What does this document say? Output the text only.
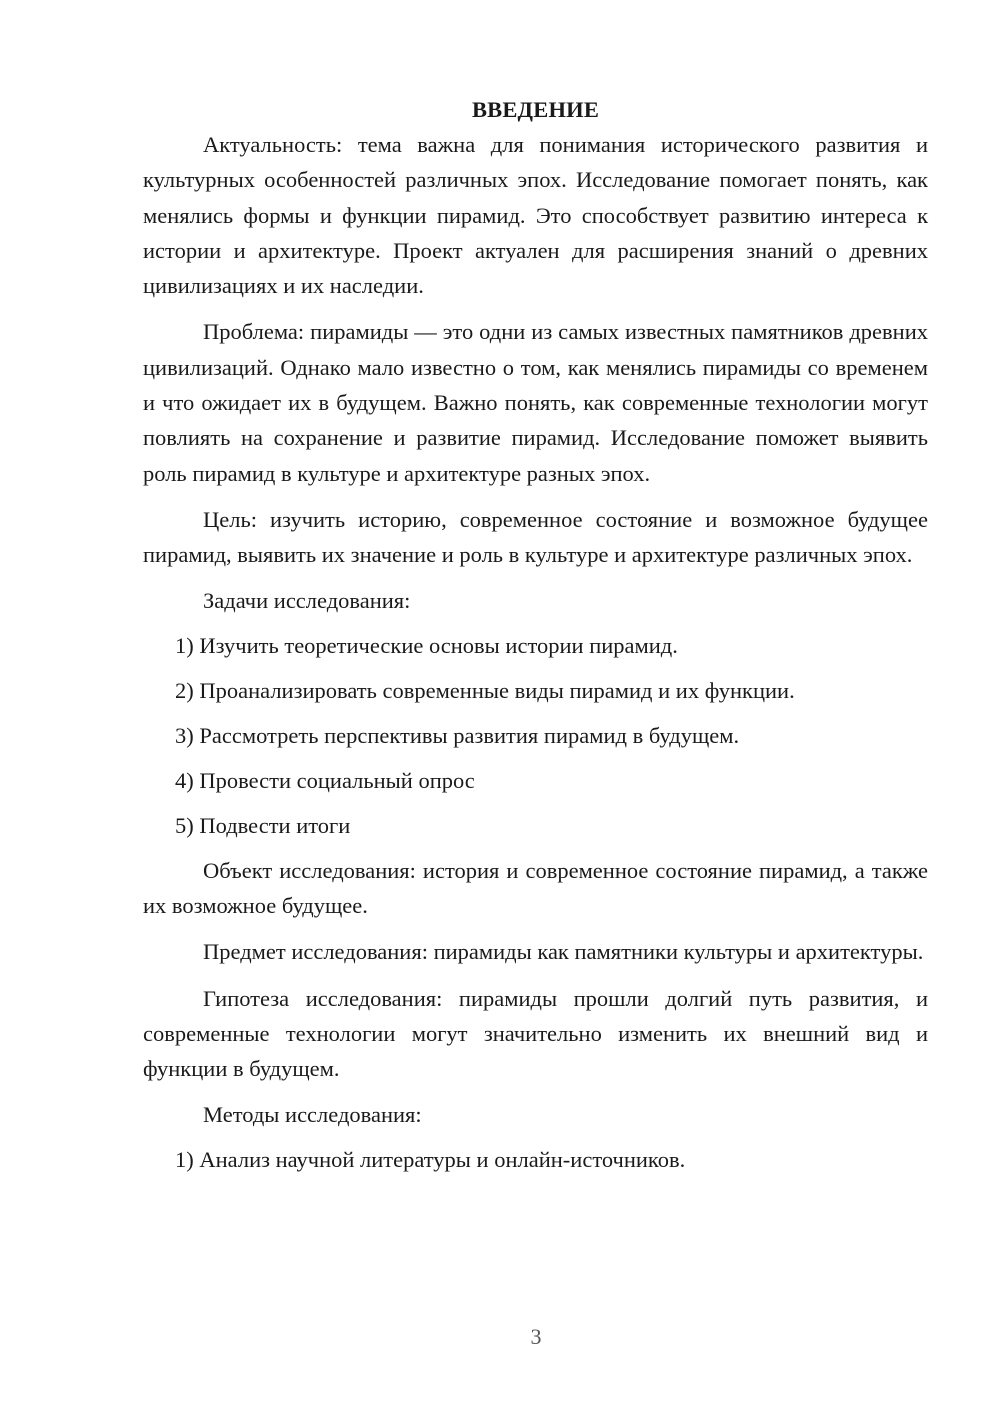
ВВЕДЕНИЕ

Актуальность: тема важна для понимания исторического развития и культурных особенностей различных эпох. Исследование помогает понять, как менялись формы и функции пирамид. Это способствует развитию интереса к истории и архитектуре. Проект актуален для расширения знаний о древних цивилизациях и их наследии.

Проблема: пирамиды — это одни из самых известных памятников древних цивилизаций. Однако мало известно о том, как менялись пирамиды со временем и что ожидает их в будущем. Важно понять, как современные технологии могут повлиять на сохранение и развитие пирамид. Исследование поможет выявить роль пирамид в культуре и архитектуре разных эпох.

Цель: изучить историю, современное состояние и возможное будущее пирамид, выявить их значение и роль в культуре и архитектуре различных эпох.

Задачи исследования:

1) Изучить теоретические основы истории пирамид.

2) Проанализировать современные виды пирамид и их функции.

3) Рассмотреть перспективы развития пирамид в будущем.

4) Провести социальный опрос

5) Подвести итоги

Объект исследования: история и современное состояние пирамид, а также их возможное будущее.

Предмет исследования: пирамиды как памятники культуры и архитектуры.

Гипотеза исследования: пирамиды прошли долгий путь развития, и современные технологии могут значительно изменить их внешний вид и функции в будущем.

Методы исследования:

1) Анализ научной литературы и онлайн-источников.

3
